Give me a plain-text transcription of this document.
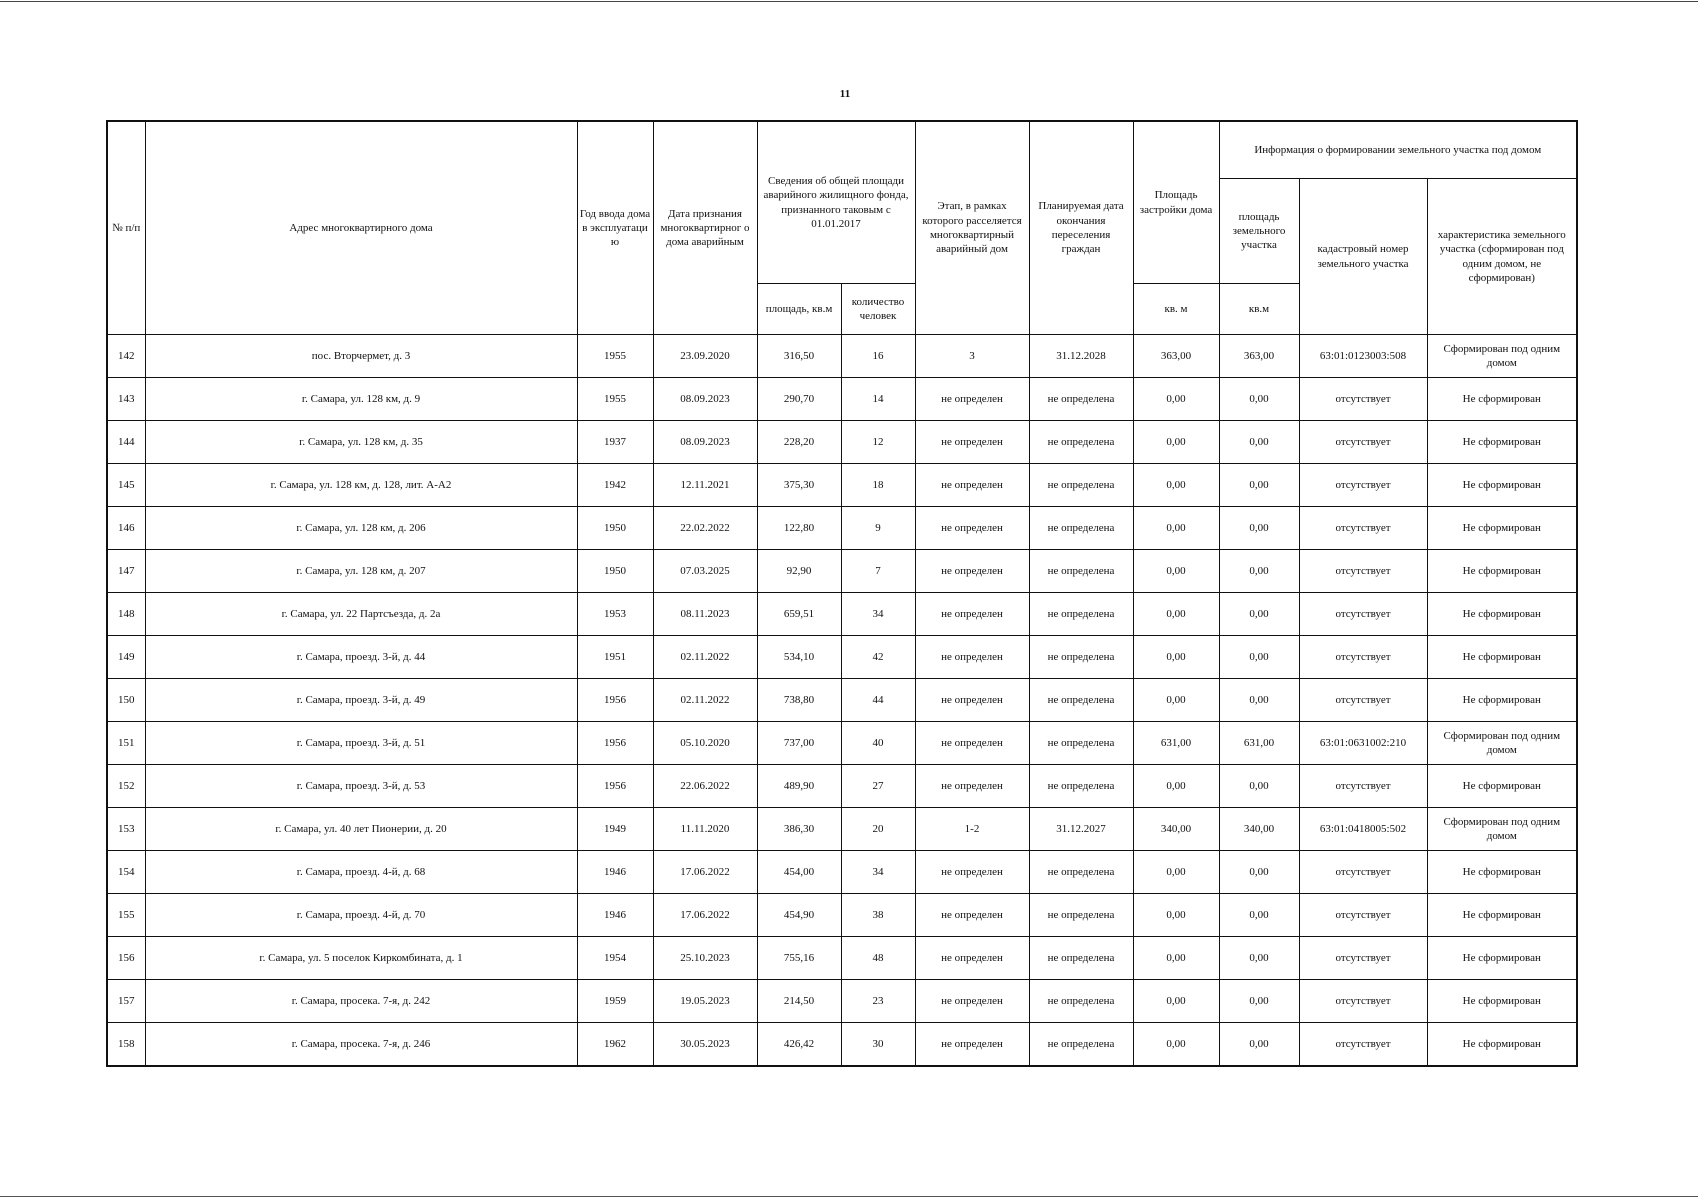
11
№ п/п	Адрес многоквартирного дома	Год ввода дома в эксплуатаци ю	Дата признания многоквартирног о дома аварийным	Сведения об общей площади аварийного жилищного фонда, признанного таковым с 01.01.2017		Этап, в рамках которого расселяется многоквартирный аварийный дом	Планируемая дата окончания переселения граждан	Площадь застройки дома	Информация о формировании земельного участка под домом		
									площадь земельного участка	кадастровый номер земельного участка	характеристика земельного участка (сформирован под одним домом, не сформирован)
				площадь, кв.м	количество человек			кв. м	кв.м		
142	пос. Вторчермет, д. 3	1955	23.09.2020	316,50	16	3	31.12.2028	363,00	363,00	63:01:0123003:508	Сформирован под одним домом
143	г. Самара, ул. 128 км, д. 9	1955	08.09.2023	290,70	14	не определен	не определена	0,00	0,00	отсутствует	Не сформирован
144	г. Самара, ул. 128 км, д. 35	1937	08.09.2023	228,20	12	не определен	не определена	0,00	0,00	отсутствует	Не сформирован
145	г. Самара, ул. 128 км, д. 128, лит. А-А2	1942	12.11.2021	375,30	18	не определен	не определена	0,00	0,00	отсутствует	Не сформирован
146	г. Самара, ул. 128 км, д. 206	1950	22.02.2022	122,80	9	не определен	не определена	0,00	0,00	отсутствует	Не сформирован
147	г. Самара, ул. 128 км, д. 207	1950	07.03.2025	92,90	7	не определен	не определена	0,00	0,00	отсутствует	Не сформирован
148	г. Самара, ул. 22 Партсъезда, д. 2а	1953	08.11.2023	659,51	34	не определен	не определена	0,00	0,00	отсутствует	Не сформирован
149	г. Самара, проезд. 3-й, д. 44	1951	02.11.2022	534,10	42	не определен	не определена	0,00	0,00	отсутствует	Не сформирован
150	г. Самара, проезд. 3-й, д. 49	1956	02.11.2022	738,80	44	не определен	не определена	0,00	0,00	отсутствует	Не сформирован
151	г. Самара, проезд. 3-й, д. 51	1956	05.10.2020	737,00	40	не определен	не определена	631,00	631,00	63:01:0631002:210	Сформирован под одним домом
152	г. Самара, проезд. 3-й, д. 53	1956	22.06.2022	489,90	27	не определен	не определена	0,00	0,00	отсутствует	Не сформирован
153	г. Самара, ул. 40 лет Пионерии, д. 20	1949	11.11.2020	386,30	20	1-2	31.12.2027	340,00	340,00	63:01:0418005:502	Сформирован под одним домом
154	г. Самара, проезд. 4-й, д. 68	1946	17.06.2022	454,00	34	не определен	не определена	0,00	0,00	отсутствует	Не сформирован
155	г. Самара, проезд. 4-й, д. 70	1946	17.06.2022	454,90	38	не определен	не определена	0,00	0,00	отсутствует	Не сформирован
156	г. Самара, ул. 5 поселок Киркомбината, д. 1	1954	25.10.2023	755,16	48	не определен	не определена	0,00	0,00	отсутствует	Не сформирован
157	г. Самара, просека. 7-я, д. 242	1959	19.05.2023	214,50	23	не определен	не определена	0,00	0,00	отсутствует	Не сформирован
158	г. Самара, просека. 7-я, д. 246	1962	30.05.2023	426,42	30	не определен	не определена	0,00	0,00	отсутствует	Не сформирован
